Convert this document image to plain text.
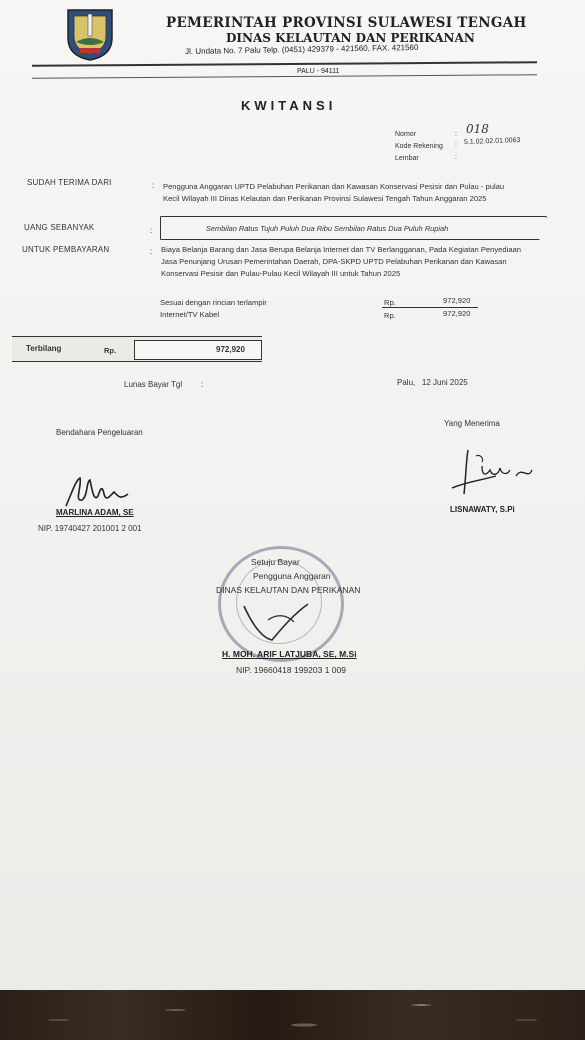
PEMERINTAH PROVINSI SULAWESI TENGAH
DINAS KELAUTAN DAN PERIKANAN
Jl. Undata No. 7 Palu Telp. (0451) 429379 - 421560, FAX. 421560
PALU - 94111
KWITANSI
Nomor	: 018
Kode Rekening : 5.1.02.02.01.0063
Lembar	:
SUDAH TERIMA DARI	: Pengguna Anggaran UPTD Pelabuhan Perikanan dan Kawasan Konservasi Pesisir dan Pulau - pulau
Kecil Wilayah III Dinas Kelautan dan Perikanan Provinsi Sulawesi Tengah Tahun Anggaran 2025
UANG SEBANYAK	:	Sembilan Ratus Tujuh Puluh Dua Ribu Sembilan Ratus Dua Puluh Rupiah
UNTUK PEMBAYARAN	: Biaya Belanja Barang dan Jasa Berupa Belanja Internet dan TV Berlangganan, Pada Kegiatan Penyediaan
Jasa Penunjang Urusan Pemerintahan Daerah, DPA-SKPD UPTD Pelabuhan Perikanan dan Kawasan
Konservasi Pesisir dan Pulau-Pulau Kecil Wilayah III untuk Tahun 2025
Sesuai dengan rincian terlampir
Internet/TV Kabel
Rp.	972,920
Rp.	972,920
Terbilang	Rp.	972,920
Lunas Bayar Tgl :	Palu,   12 Juni 2025
Bendahara Pengeluaran
Yang Menerima
MARLINA ADAM, SE
NIP. 19740427 201001 2 001
LISNAWATY, S.Pi
Setuju Bayar
Pengguna Anggaran
DINAS KELAUTAN DAN PERIKANAN
H. MOH. ARIF LATJUBA, SE, M.Si
NIP. 19660418 199203 1 009
